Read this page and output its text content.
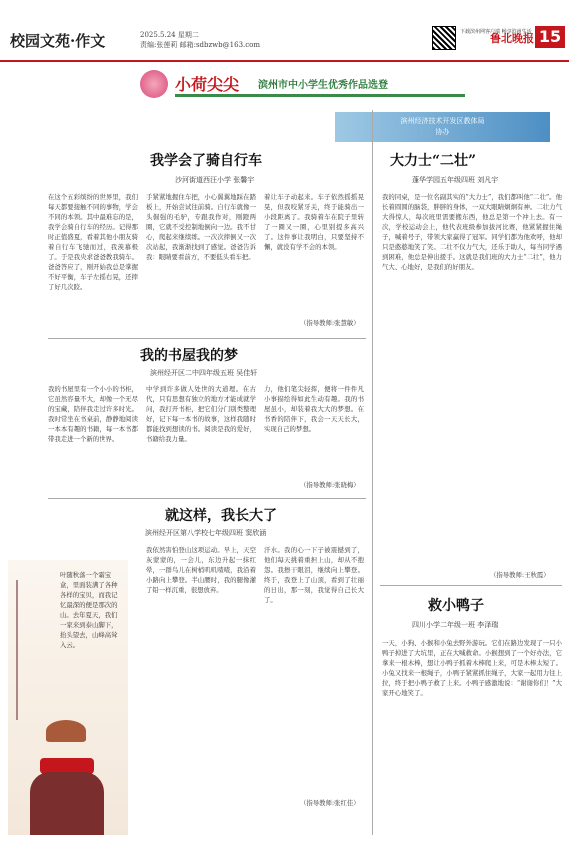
校园文苑·作文	2025.5.24 星期二
责编:张莲莉 邮箱:sdbzwb@163.com
下载滨州网客户端 畅享滨州生活
鲁北晚报 15
小荷尖尖 滨州市中小学生优秀作品选登
滨州经济技术开发区教体局
协办
我学会了骑自行车
沙河街道西汪小学 张馨宇
在这个五彩缤纷的世界里，我们每天都要接触不同的事物，学会不同的本领。其中最难忘的是，我学会骑自行车的经历。记得那时正值盛夏，看着其他小朋友骑着自行车飞驰而过，我羡慕极了。于是我央求爸爸教我骑车。爸爸答应了，刚开始我总是掌握不好平衡，车子左摇右晃，还摔了好几次跤。
手紧紧地握住车把，小心翼翼地踩在踏板上，开始尝试往前骑。自行车就像一头倔强的毛驴，专跟我作对，刚蹬两圈，它就不受控制地倒向一边。我不甘心，爬起来继续练。一次次摔倒又一次次站起，我渐渐找到了感觉。爸爸告诉我：眼睛要看前方，不要低头看车把。
着让车子动起来。车子依然摇摇晃晃，但我咬紧牙关，终于能骑出一小段距离了。我骑着车在院子里转了一圈又一圈，心里别提多高兴了。这件事让我明白，只要坚持不懈，就没有学不会的本领。
（指导教师:张慧敏）
我的书屋我的梦
滨州经开区二中四年级五班 吴佳轩
我的书屋里有一个小小的书柜，它虽然容量不大，却像一个无尽的宝藏，陪伴我走过许多时光。我时常坐在书桌前，静静地阅读一本本有趣的书籍，每一本书都带我走进一个新的世界。
中学到许多做人处世的大道理。在古代，只有思想有独立的地方才能成就学问，我打开书柜，把它们分门别类整理好，记下每一本书的故事，这样我随时都能找到想读的书。阅读是我的爱好，书籍给我力量。
力，他们笔尖轻挥，便将一件件凡小事描绘得如此生动有趣。我的书屋虽小，却装着我大大的梦想。在书香的陪伴下，我会一天天长大，实现自己的梦想。
（指导教师:张晓梅）
就这样，我长大了
滨州经开区第八学校七年级四班 窦欣涵
叶随秋落一个霜宝盒，里面装满了各种各样的宝贝，而我记忆最深的便是那次的山。去年夏天，我们一家来到泰山脚下，抬头望去，山峰高耸入云。
我依然害怕登山这项运动。早上，天空灰蒙蒙的，一会儿，东边升起一抹红晕，一群鸟儿在树梢叽叽喳喳，我沿着小路向上攀登。半山腰时，我的腿像灌了铅一样沉重，很想放弃。
汗水。我的心一下子被震撼到了，他们每天挑着重担上山，却从不抱怨。我擦干眼泪，继续向上攀登。终于，我登上了山顶，看到了壮丽的日出，那一刻，我觉得自己长大了。
（指导教师:张红佳）
大力士“二壮”
蓬华学园五年级四班 刘凡宇
我的同桌，是一位名副其实的“大力士”，我们都叫他“二壮”。他长着圆圆的脑袋，胖胖的身体，一双大眼睛炯炯有神。二壮力气大得惊人，每次班里需要搬东西，他总是第一个冲上去。有一次，学校运动会上，他代表班级参加拔河比赛，他紧紧握住绳子，喊着号子，带领大家赢得了冠军。同学们都为他欢呼，他却只是憨憨地笑了笑。二壮不仅力气大，还乐于助人，每当同学遇到困难，他总是伸出援手。这就是我们班的大力士“二壮”，他力气大、心地好，是我们的好朋友。
（指导教师:王秋霞）
救小鸭子
四川小学二年级一班 李泽瑞
一天，小狗、小猴和小兔去野外游玩。它们在路边发现了一只小鸭子掉进了大坑里，正在大喊救命。小猴想到了一个好办法，它拿来一根木棒，想让小鸭子抓着木棒爬上来，可是木棒太短了。小兔又找来一根绳子，小鸭子紧紧抓住绳子，大家一起用力往上拉，终于把小鸭子救了上来。小鸭子感激地说：“谢谢你们！”大家开心地笑了。
